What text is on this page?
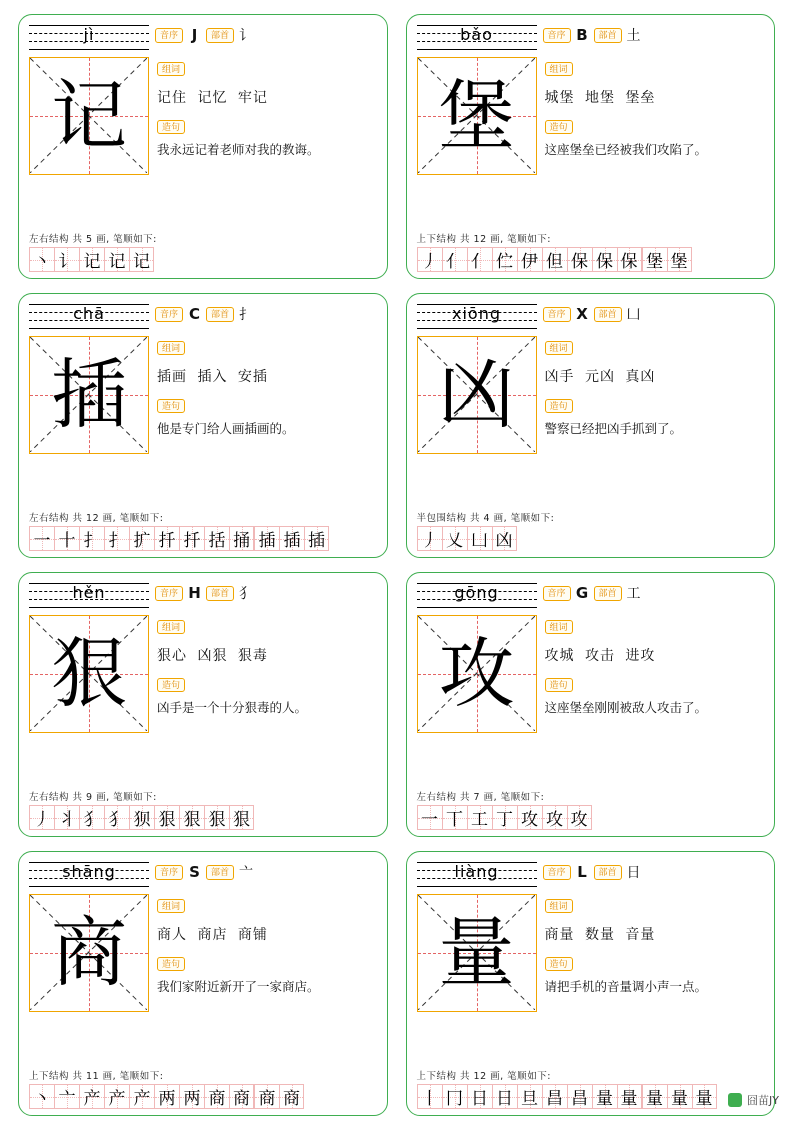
jì	音序 J	部首 讠
记
组词
记住 记忆 牢记
造句
我永远记着老师对我的教诲。
左右结构 共 5 画, 笔顺如下:
丶 讠 记 记 记
bǎo	音序 B	部首 土
堡
组词
城堡 地堡 堡垒
造句
这座堡垒已经被我们攻陷了。
上下结构 共 12 画, 笔顺如下:
丿 亻 亻 伫 伊 但 保 保 保 堡 堡
chā	音序 C	部首 扌
插
组词
插画 插入 安插
造句
他是专门给人画插画的。
左右结构 共 12 画, 笔顺如下:
一 十 扌 扌 扩 扦 扦 括 捅 插 插 插
xiōng	音序 X	部首 凵
凶
组词
凶手 元凶 真凶
造句
警察已经把凶手抓到了。
半包围结构 共 4 画, 笔顺如下:
丿 乂 凵 凶
hěn	音序 H	部首 犭
狠
组词
狠心 凶狠 狠毒
造句
凶手是一个十分狠毒的人。
左右结构 共 9 画, 笔顺如下:
丿 丬 犭 犭 狈 狠 狠 狠 狠
gōng	音序 G	部首 工
攻
组词
攻城 攻击 进攻
造句
这座堡垒刚刚被敌人攻击了。
左右结构 共 7 画, 笔顺如下:
一 丅 工 丁 攻 攻 攻
shāng	音序 S	部首 亠
商
组词
商人 商店 商铺
造句
我们家附近新开了一家商店。
上下结构 共 11 画, 笔顺如下:
丶 亠 产 产 产 两 两 商 商 商 商
liàng	音序 L	部首 日
量
组词
商量 数量 音量
造句
请把手机的音量调小声一点。
上下结构 共 12 画, 笔顺如下:
丨 冂 日 日 旦 昌 昌 量 量 量 量 量	囧苗JY
